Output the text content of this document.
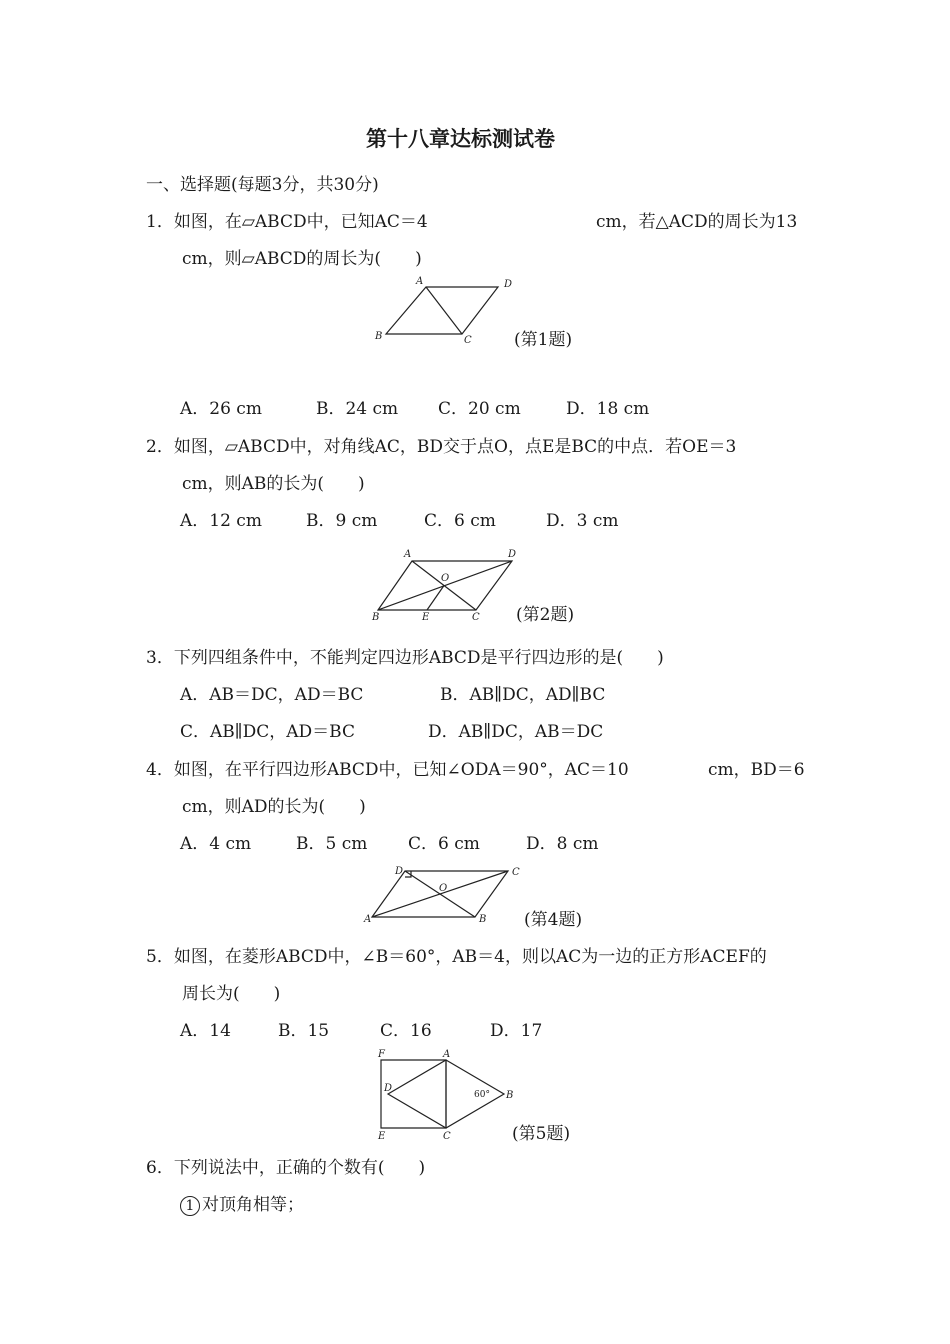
第十八章达标测试卷
一、选择题(每题3分，共30分)
1．如图，在▱ABCD中，已知AC＝4	cm，若△ACD的周长为13
cm，则▱ABCD的周长为(　　)
A	D
B	C (第1题)
A．26 cm	B．24 cm C．20 cm	D．18 cm
2．如图，▱ABCD中，对角线AC，BD交于点O，点E是BC的中点．若OE＝3
cm，则AB的长为(　　)
A．12 cm	B．9 cm	C．6 cm	D．3 cm
A	D
O
B	E	C (第2题)
3．下列四组条件中，不能判定四边形ABCD是平行四边形的是(　　)
A．AB＝DC，AD＝BC	B．AB∥DC，AD∥BC
C．AB∥DC，AD＝BC	D．AB∥DC，AB＝DC
4．如图，在平行四边形ABCD中，已知∠ODA＝90°，AC＝10	cm，BD＝6
cm，则AD的长为(　　)
A．4 cm	B．5 cm C．6 cm	D．8 cm
D	C
O
A	B (第4题)
5．如图，在菱形ABCD中，∠B＝60°，AB＝4，则以AC为一边的正方形ACEF的
周长为(　　)
A．14	B．15	C．16	D．17
F	A
D
B
E	C
60°
(第5题)
6．下列说法中，正确的个数有(　　)
1 对顶角相等；
